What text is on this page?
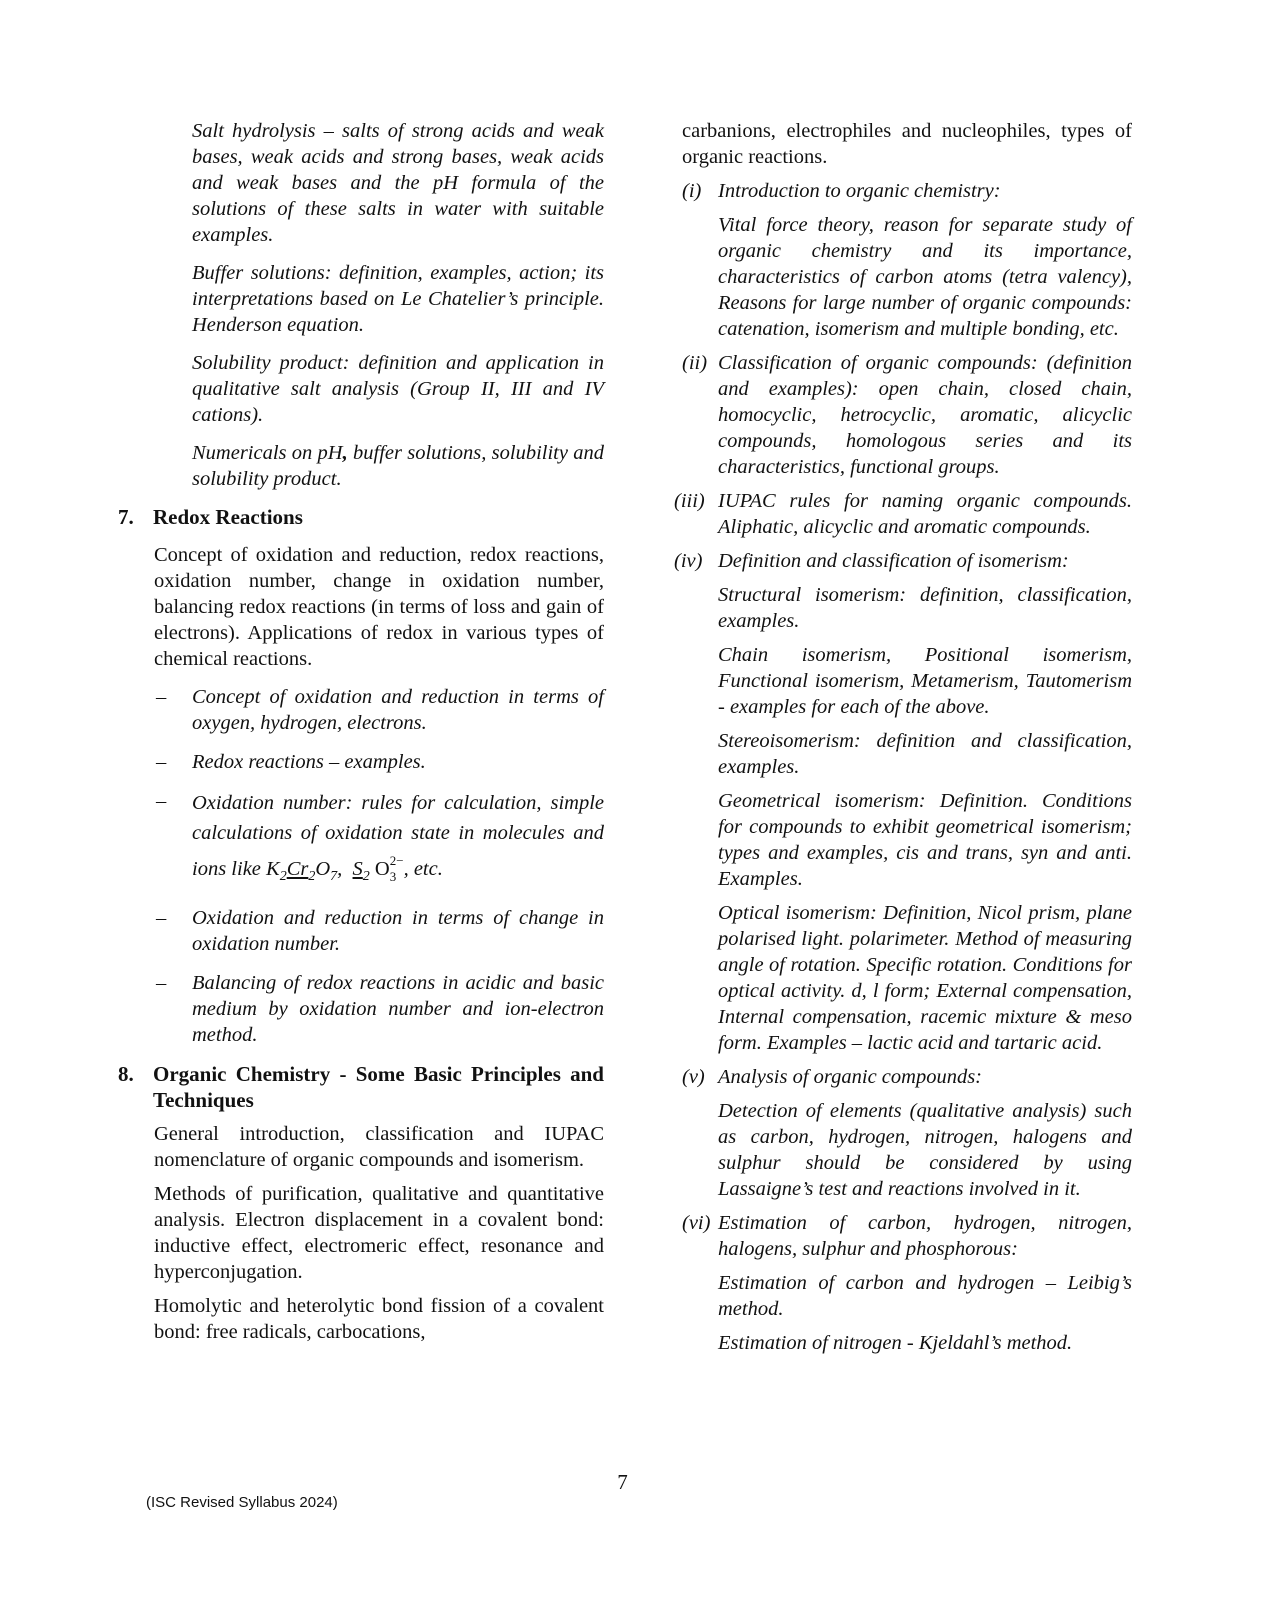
Salt hydrolysis – salts of strong acids and weak bases, weak acids and strong bases, weak acids and weak bases and the pH formula of the solutions of these salts in water with suitable examples.

Buffer solutions: definition, examples, action; its interpretations based on Le Chatelier’s principle. Henderson equation.

Solubility product: definition and application in qualitative salt analysis (Group II, III and IV cations).

Numericals on pH, buffer solutions, solubility and solubility product.

7. Redox Reactions

Concept of oxidation and reduction, redox reactions, oxidation number, change in oxidation number, balancing redox reactions (in terms of loss and gain of electrons). Applications of redox in various types of chemical reactions.

–	Concept of oxidation and reduction in terms of oxygen, hydrogen, electrons.

–	Redox reactions – examples.

–	Oxidation number: rules for calculation, simple calculations of oxidation state in molecules and ions like $K_2Cr_2O_7$, $S_2$ $O^{2-}$
3 , etc.

–	Oxidation and reduction in terms of change in oxidation number.

–	Balancing of redox reactions in acidic and basic medium by oxidation number and ion-electron method.

8. Organic Chemistry - Some Basic Principles and Techniques

General introduction, classification and IUPAC nomenclature of organic compounds and isomerism.

Methods of purification, qualitative and quantitative analysis. Electron displacement in a covalent bond: inductive effect, electromeric effect, resonance and hyperconjugation.

Homolytic and heterolytic bond fission of a covalent bond: free radicals, carbocations,

carbanions, electrophiles and nucleophiles, types of organic reactions.

(i) Introduction to organic chemistry:

Vital force theory, reason for separate study of organic chemistry and its importance, characteristics of carbon atoms (tetra valency), Reasons for large number of organic compounds: catenation, isomerism and multiple bonding, etc.

(ii) Classification of organic compounds: (definition and examples): open chain, closed chain, homocyclic, hetrocyclic, aromatic, alicyclic compounds, homologous series and its characteristics, functional groups.

(iii) IUPAC rules for naming organic compounds. Aliphatic, alicyclic and aromatic compounds.

(iv) Definition and classification of isomerism:

Structural isomerism: definition, classification, examples.

Chain isomerism, Positional isomerism, Functional isomerism, Metamerism, Tautomerism - examples for each of the above.

Stereoisomerism: definition and classification, examples.

Geometrical isomerism: Definition. Conditions for compounds to exhibit geometrical isomerism; types and examples, cis and trans, syn and anti. Examples.

Optical isomerism: Definition, Nicol prism, plane polarised light. polarimeter. Method of measuring angle of rotation. Specific rotation. Conditions for optical activity. d, l form; External compensation, Internal compensation, racemic mixture & meso form. Examples – lactic acid and tartaric acid.

(v) Analysis of organic compounds:

Detection of elements (qualitative analysis) such as carbon, hydrogen, nitrogen, halogens and sulphur should be considered by using Lassaigne’s test and reactions involved in it.

(vi) Estimation of carbon, hydrogen, nitrogen, halogens, sulphur and phosphorous:

Estimation of carbon and hydrogen – Leibig’s method.

Estimation of nitrogen - Kjeldahl’s method.

7
(ISC Revised Syllabus 2024)
